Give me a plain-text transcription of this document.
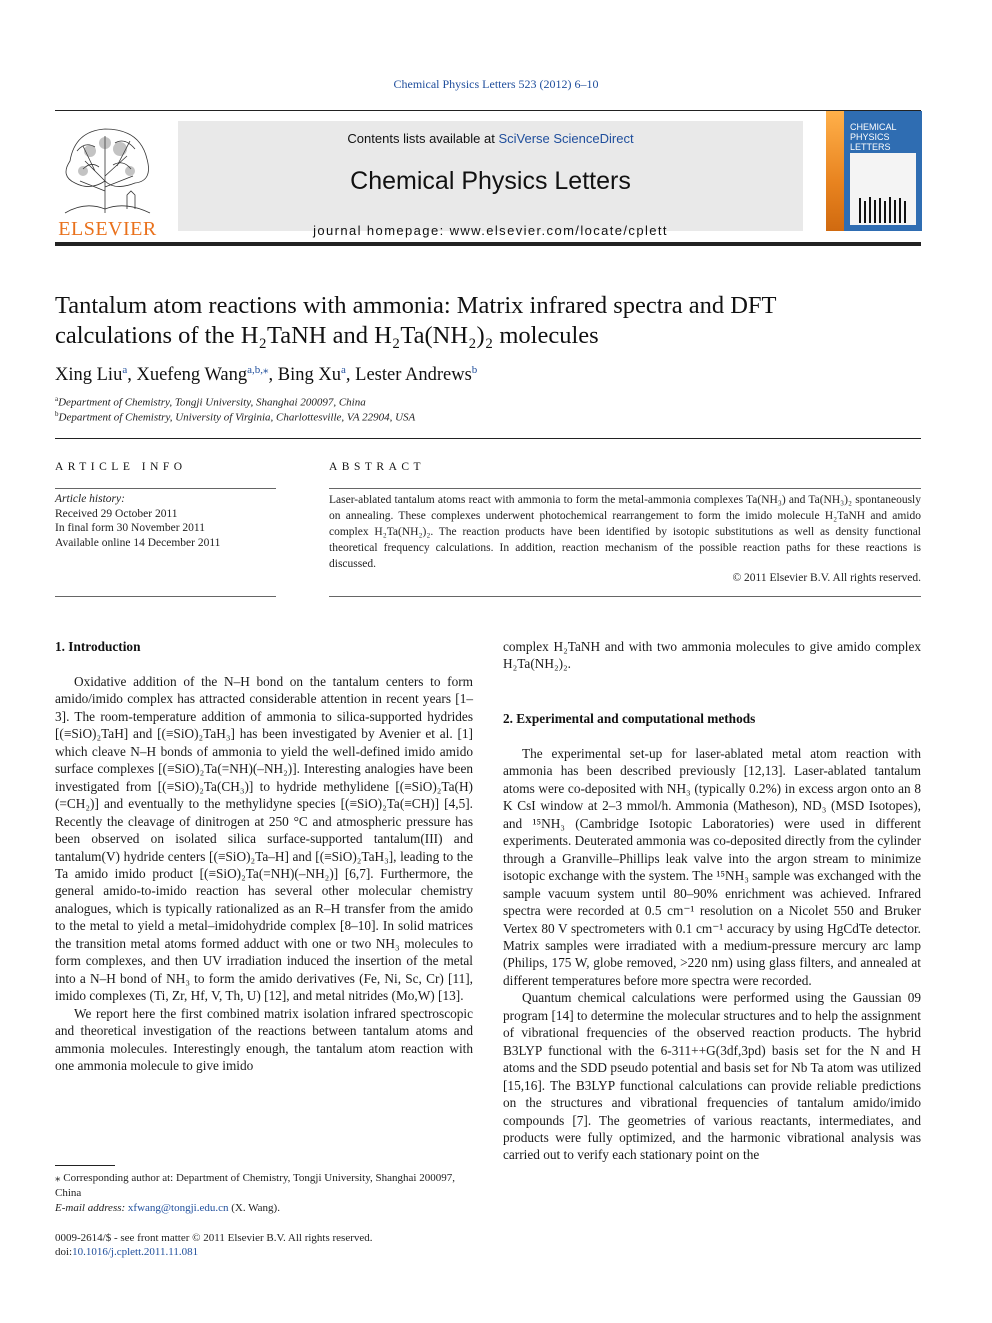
Chemical Physics Letters 523 (2012) 6–10
ELSEVIER
Contents lists available at SciVerse ScienceDirect
Chemical Physics Letters
journal homepage: www.elsevier.com/locate/cplett
CHEMICAL
PHYSICS
LETTERS
Tantalum atom reactions with ammonia: Matrix infrared spectra and DFT
calculations of the H₂TaNH and H₂Ta(NH₂)₂ molecules
Xing Liu$^a$, Xuefeng Wang$^{a,b,⁎}$, Bing Xu$^a$, Lester Andrews$^b$
$^a$Department of Chemistry, Tongji University, Shanghai 200097, China
$^b$Department of Chemistry, University of Virginia, Charlottesville, VA 22904, USA
ARTICLE INFO	ABSTRACT
Article history:
Received 29 October 2011
In final form 30 November 2011
Available online 14 December 2011
Laser-ablated tantalum atoms react with ammonia to form the metal-ammonia complexes Ta(NH₃) and Ta(NH₃)₂ spontaneously on annealing. These complexes underwent photochemical rearrangement to form the imido molecule H₂TaNH and amido complex H₂Ta(NH₂)₂. The reaction products have been identified by isotopic substitutions as well as density functional theoretical frequency calculations. In addition, reaction mechanism of the possible reaction paths for these reactions is discussed.
© 2011 Elsevier B.V. All rights reserved.
1. Introduction

Oxidative addition of the N–H bond on the tantalum centers to form amido/imido complex has attracted considerable attention in recent years [1–3]. The room-temperature addition of ammonia to silica-supported hydrides [(≡SiO)₂TaH] and [(≡SiO)₂TaH₃] has been investigated by Avenier et al. [1] which cleave N–H bonds of ammonia to yield the well-defined imido amido surface complexes [(≡SiO)₂Ta(=NH)(–NH₂)]. Interesting analogies have been investigated from [(≡SiO)₂Ta(CH₃)] to hydride methylidene [(≡SiO)₂Ta(H)(=CH₂)] and eventually to the methylidyne species [(≡SiO)₂Ta(≡CH)] [4,5]. Recently the cleavage of dinitrogen at 250 °C and atmospheric pressure has been observed on isolated silica surface-supported tantalum(III) and tantalum(V) hydride centers [(≡SiO)₂Ta–H] and [(≡SiO)₂TaH₃], leading to the Ta amido imido product [(≡SiO)₂Ta(=NH)(–NH₂)] [6,7]. Furthermore, the general amido-to-imido reaction has several other molecular chemistry analogues, which is typically rationalized as an R–H transfer from the amido to the metal to yield a metal–imidohydride complex [8–10]. In solid matrices the transition metal atoms formed adduct with one or two NH₃ molecules to form complexes, and then UV irradiation induced the insertion of the metal into a N–H bond of NH₃ to form the amido derivatives (Fe, Ni, Sc, Cr) [11], imido complexes (Ti, Zr, Hf, V, Th, U) [12], and metal nitrides (Mo,W) [13].

We report here the first combined matrix isolation infrared spectroscopic and theoretical investigation of the reactions between tantalum atoms and ammonia molecules. Interestingly enough, the tantalum atom reaction with one ammonia molecule to give imido

complex H₂TaNH and with two ammonia molecules to give amido complex H₂Ta(NH₂)₂.

2. Experimental and computational methods

The experimental set-up for laser-ablated metal atom reaction with ammonia has been described previously [12,13]. Laser-ablated tantalum atoms were co-deposited with NH₃ (typically 0.2%) in excess argon onto an 8 K CsI window at 2–3 mmol/h. Ammonia (Matheson), ND₃ (MSD Isotopes), and ¹⁵NH₃ (Cambridge Isotopic Laboratories) were used in different experiments. Deuterated ammonia was co-deposited directly from the cylinder through a Granville–Phillips leak valve into the argon stream to minimize isotopic exchange with the system. The ¹⁵NH₃ sample was exchanged with the sample vacuum system until 80–90% enrichment was achieved. Infrared spectra were recorded at 0.5 cm⁻¹ resolution on a Nicolet 550 and Bruker Vertex 80 V spectrometers with 0.1 cm⁻¹ accuracy by using HgCdTe detector. Matrix samples were irradiated with a medium-pressure mercury arc lamp (Philips, 175 W, globe removed, >220 nm) using glass filters, and annealed at different temperatures before more spectra were recorded.

Quantum chemical calculations were performed using the Gaussian 09 program [14] to determine the molecular structures and to help the assignment of vibrational frequencies of the observed reaction products. The hybrid B3LYP functional with the 6-311++G(3df,3pd) basis set for the N and H atoms and the SDD pseudo potential and basis set for Nb Ta atom was utilized [15,16]. The B3LYP functional calculations can provide reliable predictions on the structures and vibrational frequencies of tantalum amido/imido compounds [7]. The geometries of various reactants, intermediates, and products were fully optimized, and the harmonic vibrational analysis was carried out to verify each stationary point on the

⁎ Corresponding author at: Department of Chemistry, Tongji University, Shanghai 200097, China
E-mail address: xfwang@tongji.edu.cn (X. Wang).
0009-2614/$ - see front matter © 2011 Elsevier B.V. All rights reserved.
doi:10.1016/j.cplett.2011.11.081
